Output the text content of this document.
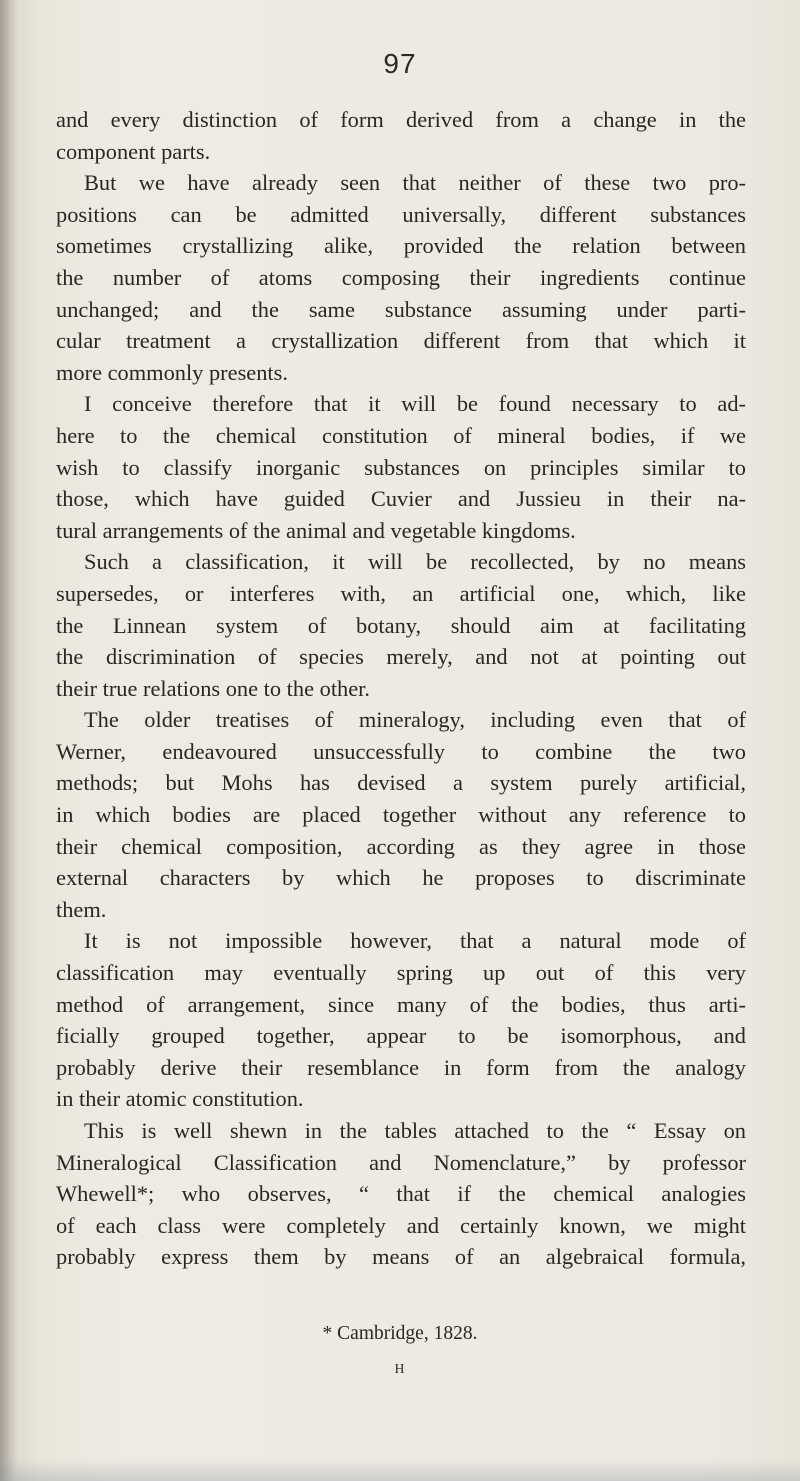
97
and every distinction of form derived from a change in the
component parts.
But we have already seen that neither of these two pro-
positions can be admitted universally, different substances
sometimes crystallizing alike, provided the relation between
the number of atoms composing their ingredients continue
unchanged; and the same substance assuming under parti-
cular treatment a crystallization different from that which it
more commonly presents.
I conceive therefore that it will be found necessary to ad-
here to the chemical constitution of mineral bodies, if we
wish to classify inorganic substances on principles similar to
those, which have guided Cuvier and Jussieu in their na-
tural arrangements of the animal and vegetable kingdoms.
Such a classification, it will be recollected, by no means
supersedes, or interferes with, an artificial one, which, like
the Linnean system of botany, should aim at facilitating
the discrimination of species merely, and not at pointing out
their true relations one to the other.
The older treatises of mineralogy, including even that of
Werner, endeavoured unsuccessfully to combine the two
methods; but Mohs has devised a system purely artificial,
in which bodies are placed together without any reference to
their chemical composition, according as they agree in those
external characters by which he proposes to discriminate
them.
It is not impossible however, that a natural mode of
classification may eventually spring up out of this very
method of arrangement, since many of the bodies, thus arti-
ficially grouped together, appear to be isomorphous, and
probably derive their resemblance in form from the analogy
in their atomic constitution.
This is well shewn in the tables attached to the “ Essay on
Mineralogical Classification and Nomenclature,” by professor
Whewell*; who observes, “ that if the chemical analogies
of each class were completely and certainly known, we might
probably express them by means of an algebraical formula,
* Cambridge, 1828.
H
